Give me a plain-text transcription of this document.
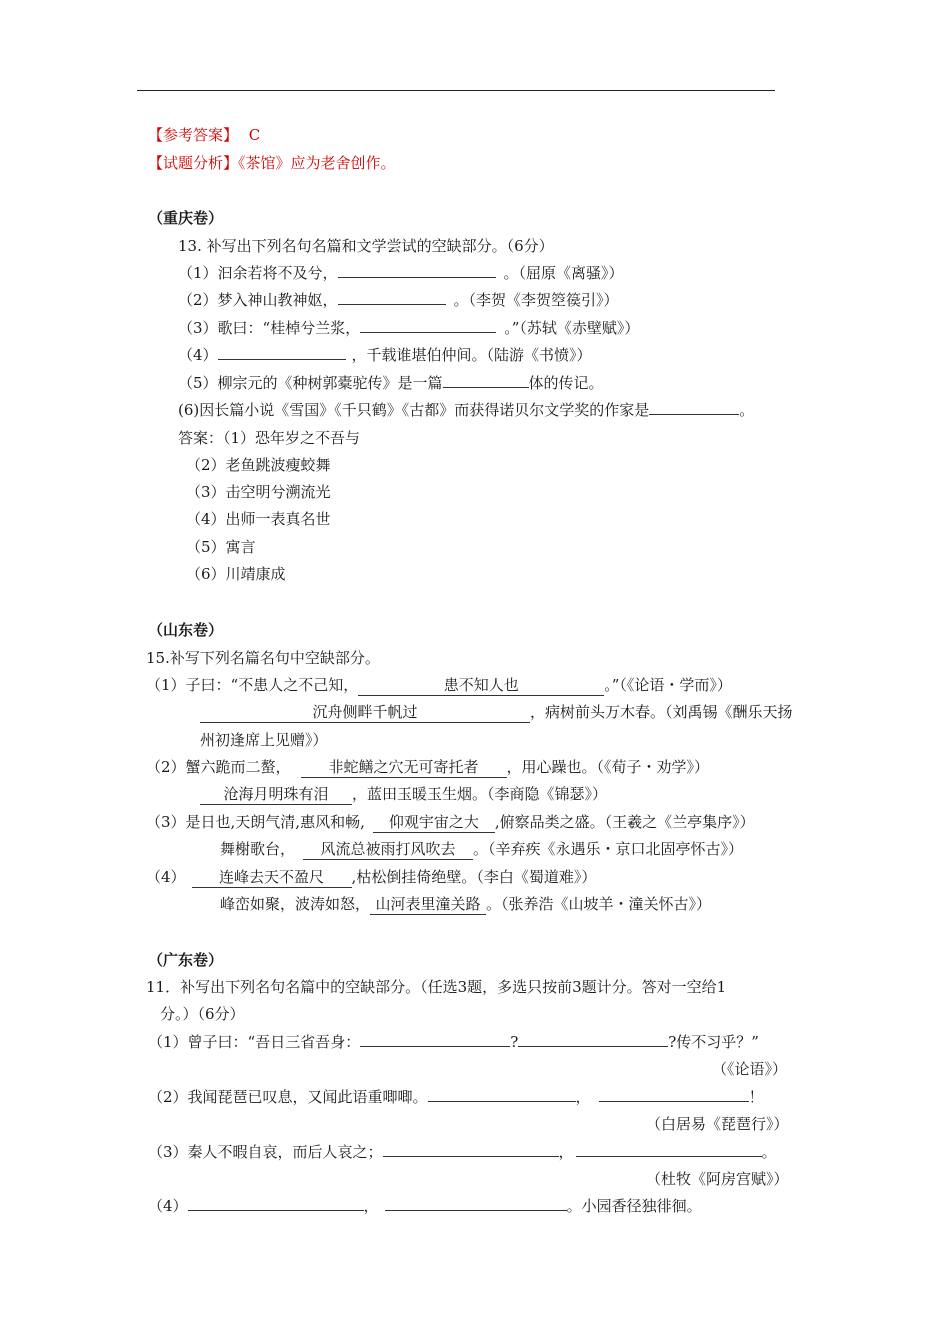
【参考答案】 C
【试题分析】《茶馆》应为老舍创作。
（重庆卷）
13. 补写出下列名句名篇和文学尝试的空缺部分。（6分）
（1）汩余若将不及兮，	。（屈原《离骚》）
（2）梦入神山教神妪，	。（李贺《李贺箜篌引》）
（3）歌曰：“桂棹兮兰浆，	。”（苏轼《赤壁赋》）
（4）	，千载谁堪伯仲间。（陆游《书愤》）
（5）柳宗元的《种树郭橐驼传》是一篇	体的传记。
(6)因长篇小说《雪国》《千只鹤》《古都》而获得诺贝尔文学奖的作家是	。
答案：（1）恐年岁之不吾与
（2）老鱼跳波瘦蛟舞
（3）击空明兮溯流光
（4）出师一表真名世
（5）寓言
（6）川靖康成
（山东卷）
15.补写下列名篇名句中空缺部分。
（1）子曰：“不患人之不己知，	患不知人也	。”（《论语・学而》）
沉舟侧畔千帆过	，病树前头万木春。（刘禹锡《酬乐天扬
州初逢席上见赠》）
（2）蟹六跪而二螯，	非蛇鳝之穴无可寄托者 ，用心躁也。（《荀子・劝学》）
沧海月明珠有泪 ，蓝田玉暖玉生烟。（李商隐《锦瑟》）
（3）是日也,天朗气清,惠风和畅, 仰观宇宙之大 ,俯察品类之盛。（王羲之《兰亭集序》）
舞榭歌台， 风流总被雨打风吹去 。（辛弃疾《永遇乐・京口北固亭怀古》）
（4） 连峰去天不盈尺 ,枯松倒挂倚绝壁。（李白《蜀道难》）
峰峦如聚，波涛如怒， 山河表里潼关路 。（张养浩《山坡羊・潼关怀古》）
（广东卷）
11．补写出下列名句名篇中的空缺部分。（任选3题，多选只按前3题计分。答对一空给1
分。）（6分）
（1）曾子曰：“吾日三省吾身：	?	?传不习乎？”
（《论语》）
（2）我闻琵琶已叹息，又闻此语重唧唧。	，	！
（白居易《琵琶行》）
（3）秦人不暇自哀，而后人哀之；	，	。
（杜牧《阿房宫赋》）
（4）	，	。小园香径独徘徊。
